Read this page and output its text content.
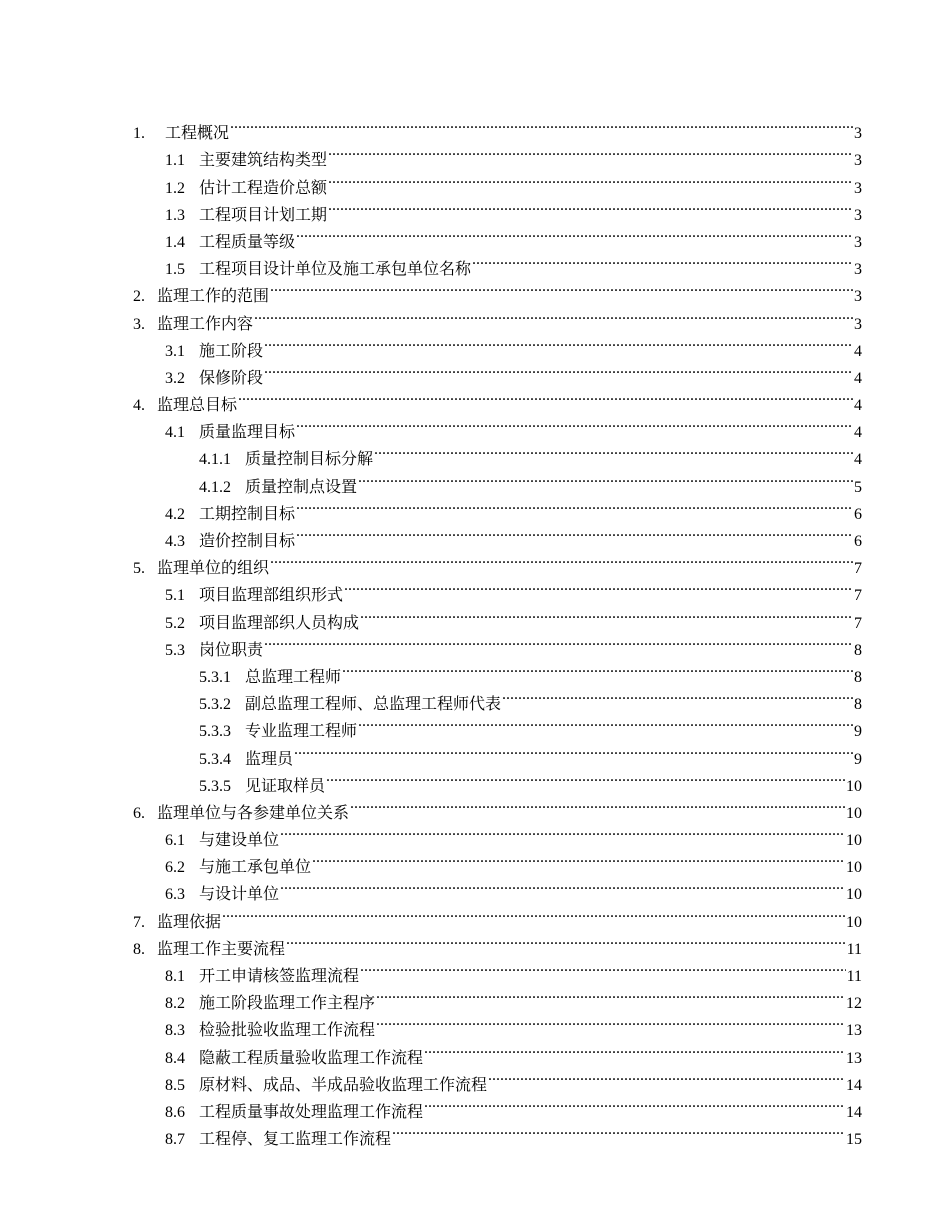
1.	工程概况 .....	3
1.1 主要建筑结构类型 .....	3
1.2 估计工程造价总额 .....	3
1.3 工程项目计划工期 .....	3
1.4 工程质量等级 .....	3
1.5 工程项目设计单位及施工承包单位名称 .....	3
2. 监理工作的范围 .....	3
3. 监理工作内容 .....	3
3.1 施工阶段 .....	4
3.2 保修阶段 .....	4
4. 监理总目标 .....	4
4.1 质量监理目标 .....	4
4.1.1 质量控制目标分解 .....	4
4.1.2 质量控制点设置 .....	5
4.2 工期控制目标 .....	6
4.3 造价控制目标 .....	6
5. 监理单位的组织 .....	7
5.1 项目监理部组织形式 .....	7
5.2 项目监理部织人员构成 .....	7
5.3 岗位职责 .....	8
5.3.1 总监理工程师 .....	8
5.3.2 副总监理工程师、总监理工程师代表 .....	8
5.3.3 专业监理工程师 .....	9
5.3.4 监理员 .....	9
5.3.5 见证取样员 .....	10
6. 监理单位与各参建单位关系 .....	10
6.1 与建设单位 .....	10
6.2 与施工承包单位 .....	10
6.3 与设计单位 .....	10
7. 监理依据 .....	10
8. 监理工作主要流程 .....	11
8.1 开工申请核签监理流程 .....	11
8.2 施工阶段监理工作主程序 .....	12
8.3 检验批验收监理工作流程 .....	13
8.4 隐蔽工程质量验收监理工作流程 .....	13
8.5 原材料、成品、半成品验收监理工作流程 .....	14
8.6 工程质量事故处理监理工作流程 .....	14
8.7 工程停、复工监理工作流程 .....	15
